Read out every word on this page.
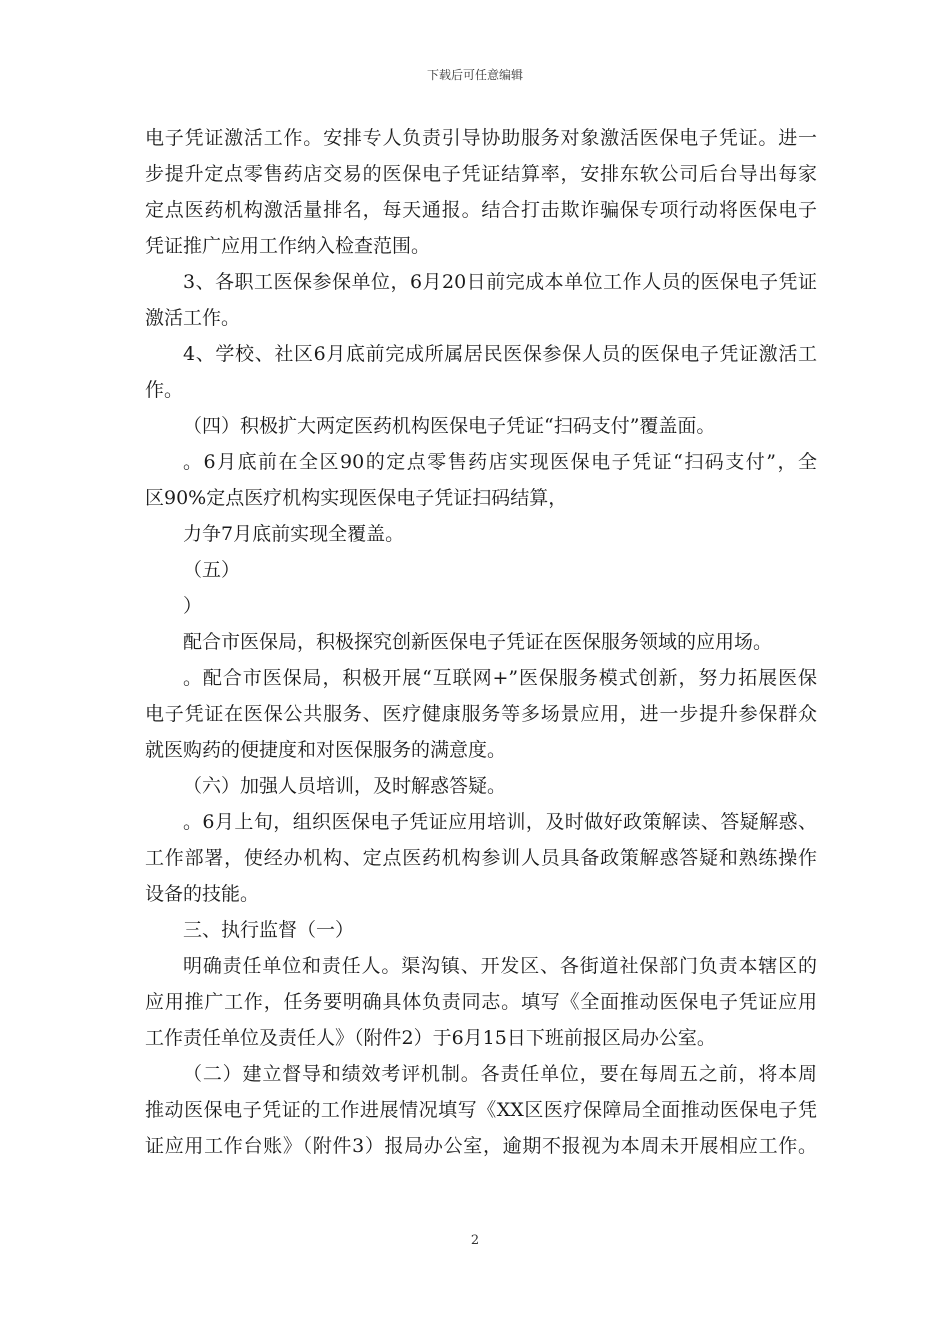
下载后可任意编辑
电子凭证激活工作。安排专人负责引导协助服务对象激活医保电子凭证。进一
步提升定点零售药店交易的医保电子凭证结算率，安排东软公司后台导出每家
定点医药机构激活量排名，每天通报。结合打击欺诈骗保专项行动将医保电子
凭证推广应用工作纳入检查范围。
3、各职工医保参保单位，6月20日前完成本单位工作人员的医保电子凭证
激活工作。
4、学校、社区6月底前完成所属居民医保参保人员的医保电子凭证激活工
作。
（四）积极扩大两定医药机构医保电子凭证“扫码支付”覆盖面。
。6月底前在全区90的定点零售药店实现医保电子凭证“扫码支付”，全
区90%定点医疗机构实现医保电子凭证扫码结算，
力争7月底前实现全覆盖。
（五）
）
配合市医保局，积极探究创新医保电子凭证在医保服务领域的应用场。
。配合市医保局，积极开展“互联网+”医保服务模式创新，努力拓展医保
电子凭证在医保公共服务、医疗健康服务等多场景应用，进一步提升参保群众
就医购药的便捷度和对医保服务的满意度。
（六）加强人员培训，及时解惑答疑。
。6月上旬，组织医保电子凭证应用培训，及时做好政策解读、答疑解惑、
工作部署，使经办机构、定点医药机构参训人员具备政策解惑答疑和熟练操作
设备的技能。
三、执行监督（一）
明确责任单位和责任人。渠沟镇、开发区、各街道社保部门负责本辖区的
应用推广工作，任务要明确具体负责同志。填写《全面推动医保电子凭证应用
工作责任单位及责任人》（附件2）于6月15日下班前报区局办公室。
（二）建立督导和绩效考评机制。各责任单位，要在每周五之前，将本周
推动医保电子凭证的工作进展情况填写《XX区医疗保障局全面推动医保电子凭
证应用工作台账》（附件3）报局办公室，逾期不报视为本周未开展相应工作。
2
